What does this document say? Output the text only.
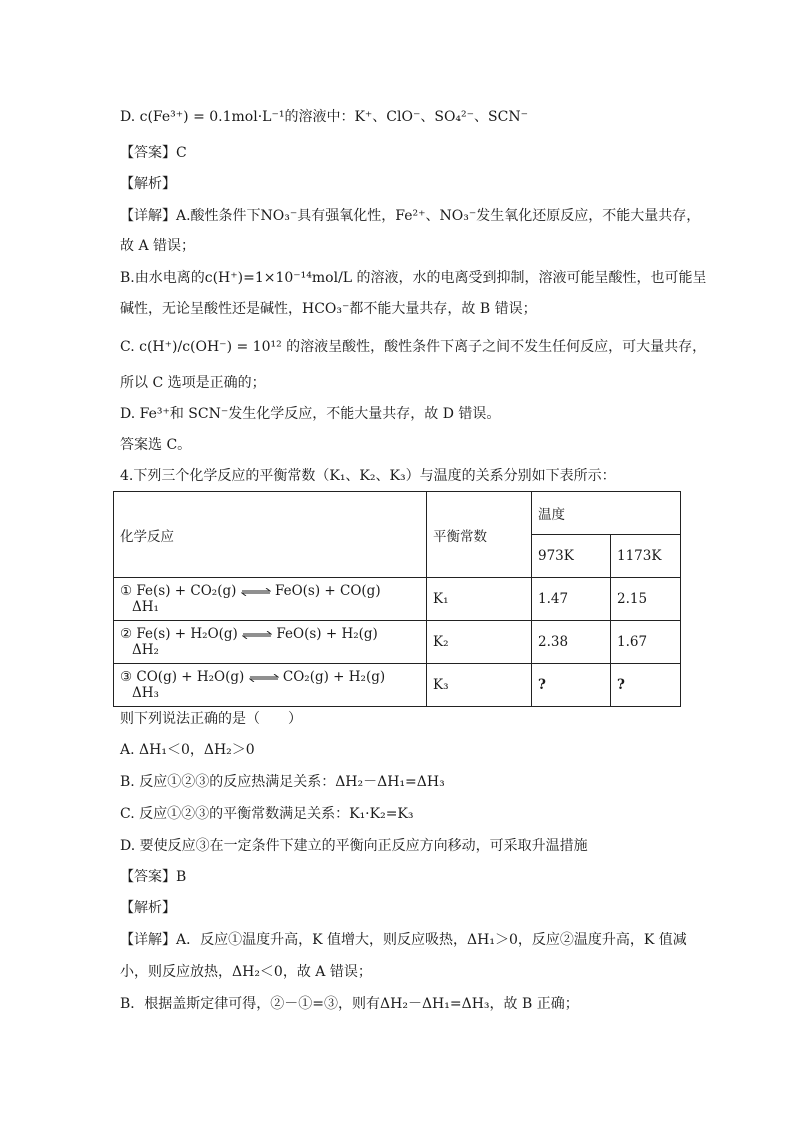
D. c(Fe³⁺) = 0.1mol·L⁻¹的溶液中：K⁺、ClO⁻、SO₄²⁻、SCN⁻
【答案】C
【解析】
【详解】A.酸性条件下NO₃⁻具有强氧化性，Fe²⁺、NO₃⁻发生氧化还原反应，不能大量共存，
故 A 错误；
B.由水电离的c(H⁺)=1×10⁻¹⁴mol/L 的溶液，水的电离受到抑制，溶液可能呈酸性，也可能呈
碱性，无论呈酸性还是碱性，HCO₃⁻都不能大量共存，故 B 错误；
C. c(H⁺)/c(OH⁻) = 10¹² 的溶液呈酸性，酸性条件下离子之间不发生任何反应，可大量共存，
所以 C 选项是正确的；
D. Fe³⁺和 SCN⁻发生化学反应，不能大量共存，故 D 错误。
答案选 C。
4.下列三个化学反应的平衡常数（K₁、K₂、K₃）与温度的关系分别如下表所示：
化学反应	平衡常数	温度	
		973K	1173K
① Fe(s) + CO₂(g) ⇌ FeO(s) + CO(g) ΔH₁	K₁	1.47	2.15
② Fe(s) + H₂O(g) ⇌ FeO(s) + H₂(g) ΔH₂	K₂	2.38	1.67
③ CO(g) + H₂O(g) ⇌ CO₂(g) + H₂(g) ΔH₃	K₃	?	?
则下列说法正确的是（　　）
A. ΔH₁＜0，ΔH₂＞0
B. 反应①②③的反应热满足关系：ΔH₂－ΔH₁=ΔH₃
C. 反应①②③的平衡常数满足关系：K₁·K₂=K₃
D. 要使反应③在一定条件下建立的平衡向正反应方向移动，可采取升温措施
【答案】B
【解析】
【详解】A．反应①温度升高，K 值增大，则反应吸热，ΔH₁＞0，反应②温度升高，K 值减
小，则反应放热，ΔH₂＜0，故 A 错误；
B．根据盖斯定律可得，②－①=③，则有ΔH₂－ΔH₁=ΔH₃，故 B 正确；
